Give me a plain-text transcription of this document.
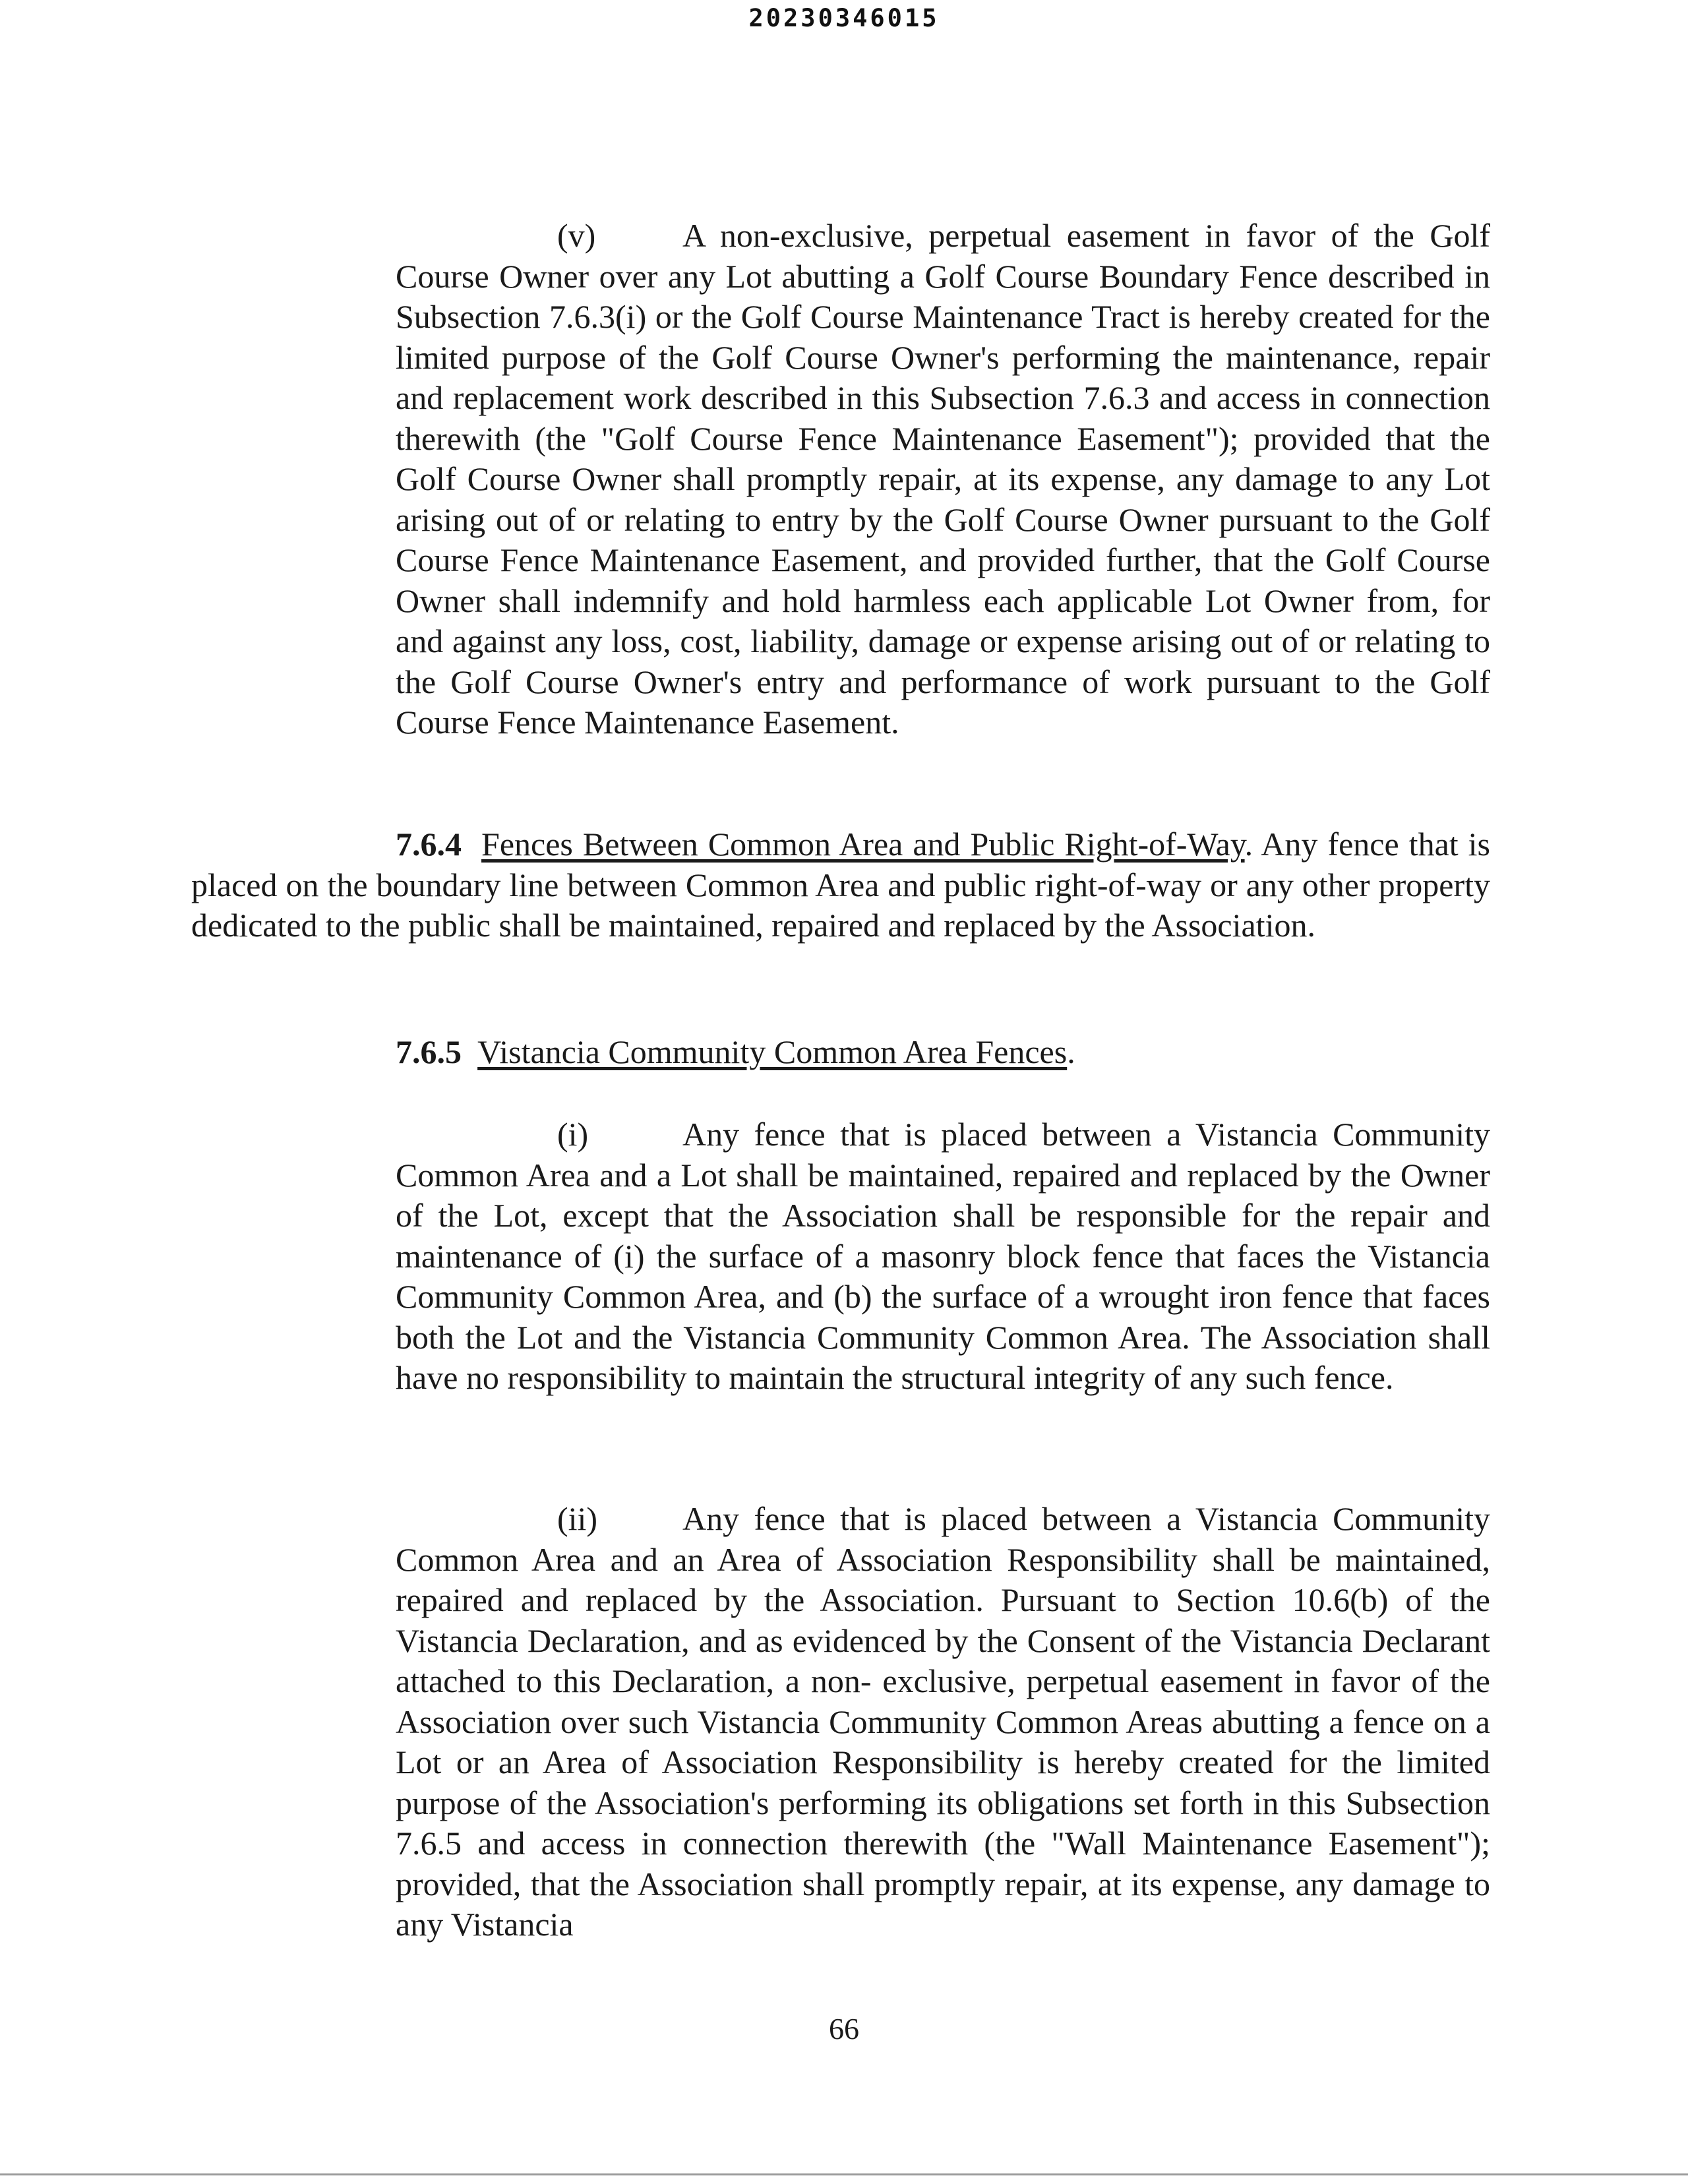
20230346015
(v)	A non-exclusive, perpetual easement in favor of the Golf Course Owner over any Lot abutting a Golf Course Boundary Fence described in Subsection 7.6.3(i) or the Golf Course Maintenance Tract is hereby created for the limited purpose of the Golf Course Owner's performing the maintenance, repair and replacement work described in this Subsection 7.6.3 and access in connection therewith (the "Golf Course Fence Maintenance Easement"); provided that the Golf Course Owner shall promptly repair, at its expense, any damage to any Lot arising out of or relating to entry by the Golf Course Owner pursuant to the Golf Course Fence Maintenance Easement, and provided further, that the Golf Course Owner shall indemnify and hold harmless each applicable Lot Owner from, for and against any loss, cost, liability, damage or expense arising out of or relating to the Golf Course Owner's entry and performance of work pursuant to the Golf Course Fence Maintenance Easement.
7.6.4 Fences Between Common Area and Public Right-of-Way. Any fence that is placed on the boundary line between Common Area and public right-of-way or any other property dedicated to the public shall be maintained, repaired and replaced by the Association.
7.6.5 Vistancia Community Common Area Fences.
(i)	Any fence that is placed between a Vistancia Community Common Area and a Lot shall be maintained, repaired and replaced by the Owner of the Lot, except that the Association shall be responsible for the repair and maintenance of (i) the surface of a masonry block fence that faces the Vistancia Community Common Area, and (b) the surface of a wrought iron fence that faces both the Lot and the Vistancia Community Common Area. The Association shall have no responsibility to maintain the structural integrity of any such fence.
(ii)	Any fence that is placed between a Vistancia Community Common Area and an Area of Association Responsibility shall be maintained, repaired and replaced by the Association. Pursuant to Section 10.6(b) of the Vistancia Declaration, and as evidenced by the Consent of the Vistancia Declarant attached to this Declaration, a non- exclusive, perpetual easement in favor of the Association over such Vistancia Community Common Areas abutting a fence on a Lot or an Area of Association Responsibility is hereby created for the limited purpose of the Association's performing its obligations set forth in this Subsection 7.6.5 and access in connection therewith (the "Wall Maintenance Easement"); provided, that the Association shall promptly repair, at its expense, any damage to any Vistancia
66
